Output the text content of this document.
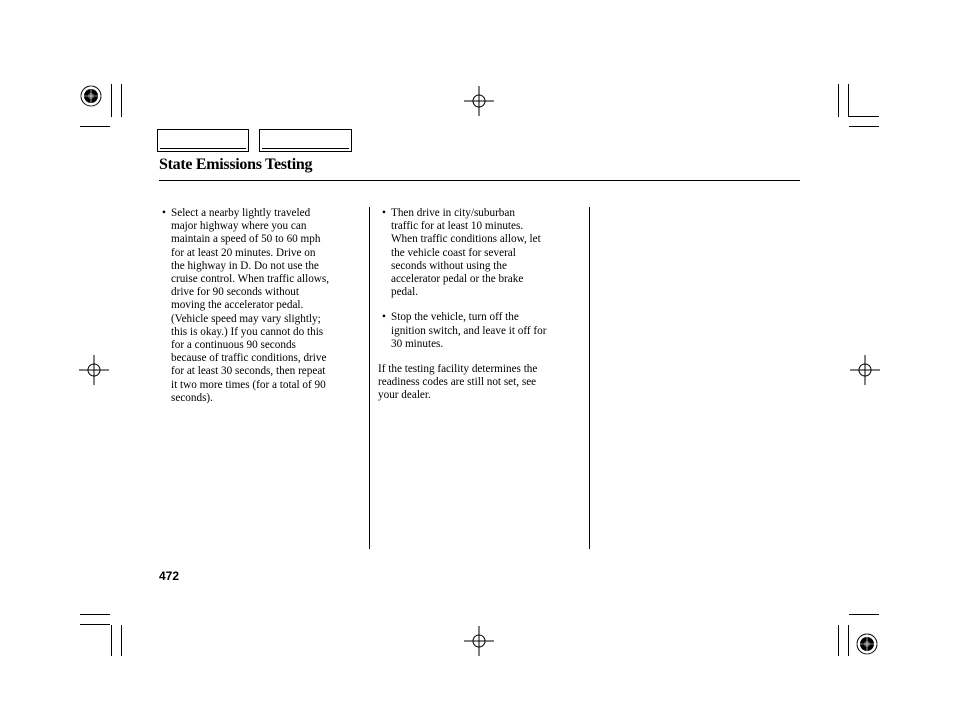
State Emissions Testing
• Select a nearby lightly traveled
major highway where you can
maintain a speed of 50 to 60 mph
for at least 20 minutes. Drive on
the highway in D. Do not use the
cruise control. When traffic allows,
drive for 90 seconds without
moving the accelerator pedal.
(Vehicle speed may vary slightly;
this is okay.) If you cannot do this
for a continuous 90 seconds
because of traffic conditions, drive
for at least 30 seconds, then repeat
it two more times (for a total of 90
seconds).
• Then drive in city/suburban
traffic for at least 10 minutes.
When traffic conditions allow, let
the vehicle coast for several
seconds without using the
accelerator pedal or the brake
pedal.
• Stop the vehicle, turn off the
ignition switch, and leave it off for
30 minutes.
If the testing facility determines the
readiness codes are still not set, see
your dealer.
472
